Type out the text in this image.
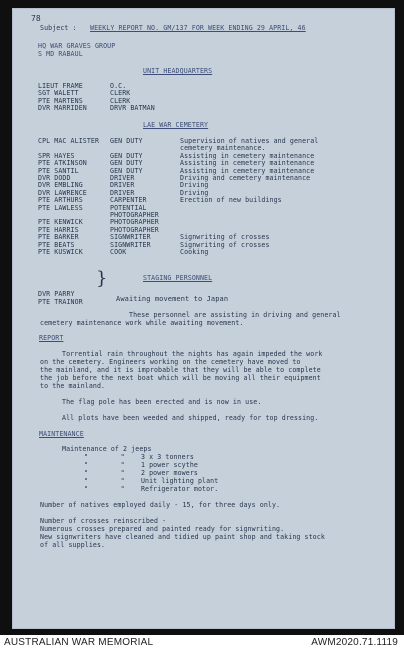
78
Subject : WEEKLY REPORT NO. GM/137 FOR WEEK ENDING 29 APRIL, 46
HQ WAR GRAVES GROUP
S MD RABAUL
UNIT HEADQUARTERS
LIEUT FRAME	O.C.
SGT WALETT	CLERK
PTE MARTENS	CLERK
DVR MARRIDEN	DRVR BATMAN
LAE WAR CEMETERY
CPL MAC ALISTER GEN DUTY	Supervision of natives and general
cemetery maintenance.
SPR HAYES	GEN DUTY	Assisting in cemetery maintenance
PTE ATKINSON	GEN DUTY	Assisting in cemetery maintenance
PTE SANTIL	GEN DUTY	Assisting in cemetery maintenance
DVR DODD	DRIVER	Driving and cemetery maintenance
DVR EMBLING	DRIVER	Driving
DVR LAWRENCE	DRIVER	Driving
PTE ARTHURS	CARPENTER	Erection of new buildings
PTE LAWLESS	POTENTIAL
PHOTOGRAPHER
PTE KENWICK	PHOTOGRAPHER
PTE HARRIS	PHOTOGRAPHER
PTE BARKER	SIGNWRITER	Signwriting of crosses
PTE BEATS	SIGNWRITER	Signwriting of crosses
PTE KUSWICK	COOK	Cooking
STAGING PERSONNEL
DVR PARRY
PTE TRAINOR
}
Awaiting movement to Japan
These personnel are assisting in driving and general
cemetery maintenance work while awaiting movement.
REPORT
Torrential rain throughout the nights has again impeded the work
on the cemetery. Engineers working on the cemetery have moved to
the mainland, and it is improbable that they will be able to complete
the job before the next boat which will be moving all their equipment
to the mainland.
The flag pole has been erected and is now in use.
All plots have been weeded and shipped, ready for top dressing.
MAINTENANCE
Maintenance of 2 jeeps
"        "    3 x 3 tonners
"        "    1 power scythe
"        "    2 power mowers
"        "    Unit lighting plant
"        "    Refrigerator motor.
Number of natives employed daily - 15, for three days only.
Number of crosses reinscribed -
Numerous crosses prepared and painted ready for signwriting.
New signwriters have cleaned and tidied up paint shop and taking stock
of all supplies.
AUSTRALIAN WAR MEMORIAL	AWM2020.71.1119
